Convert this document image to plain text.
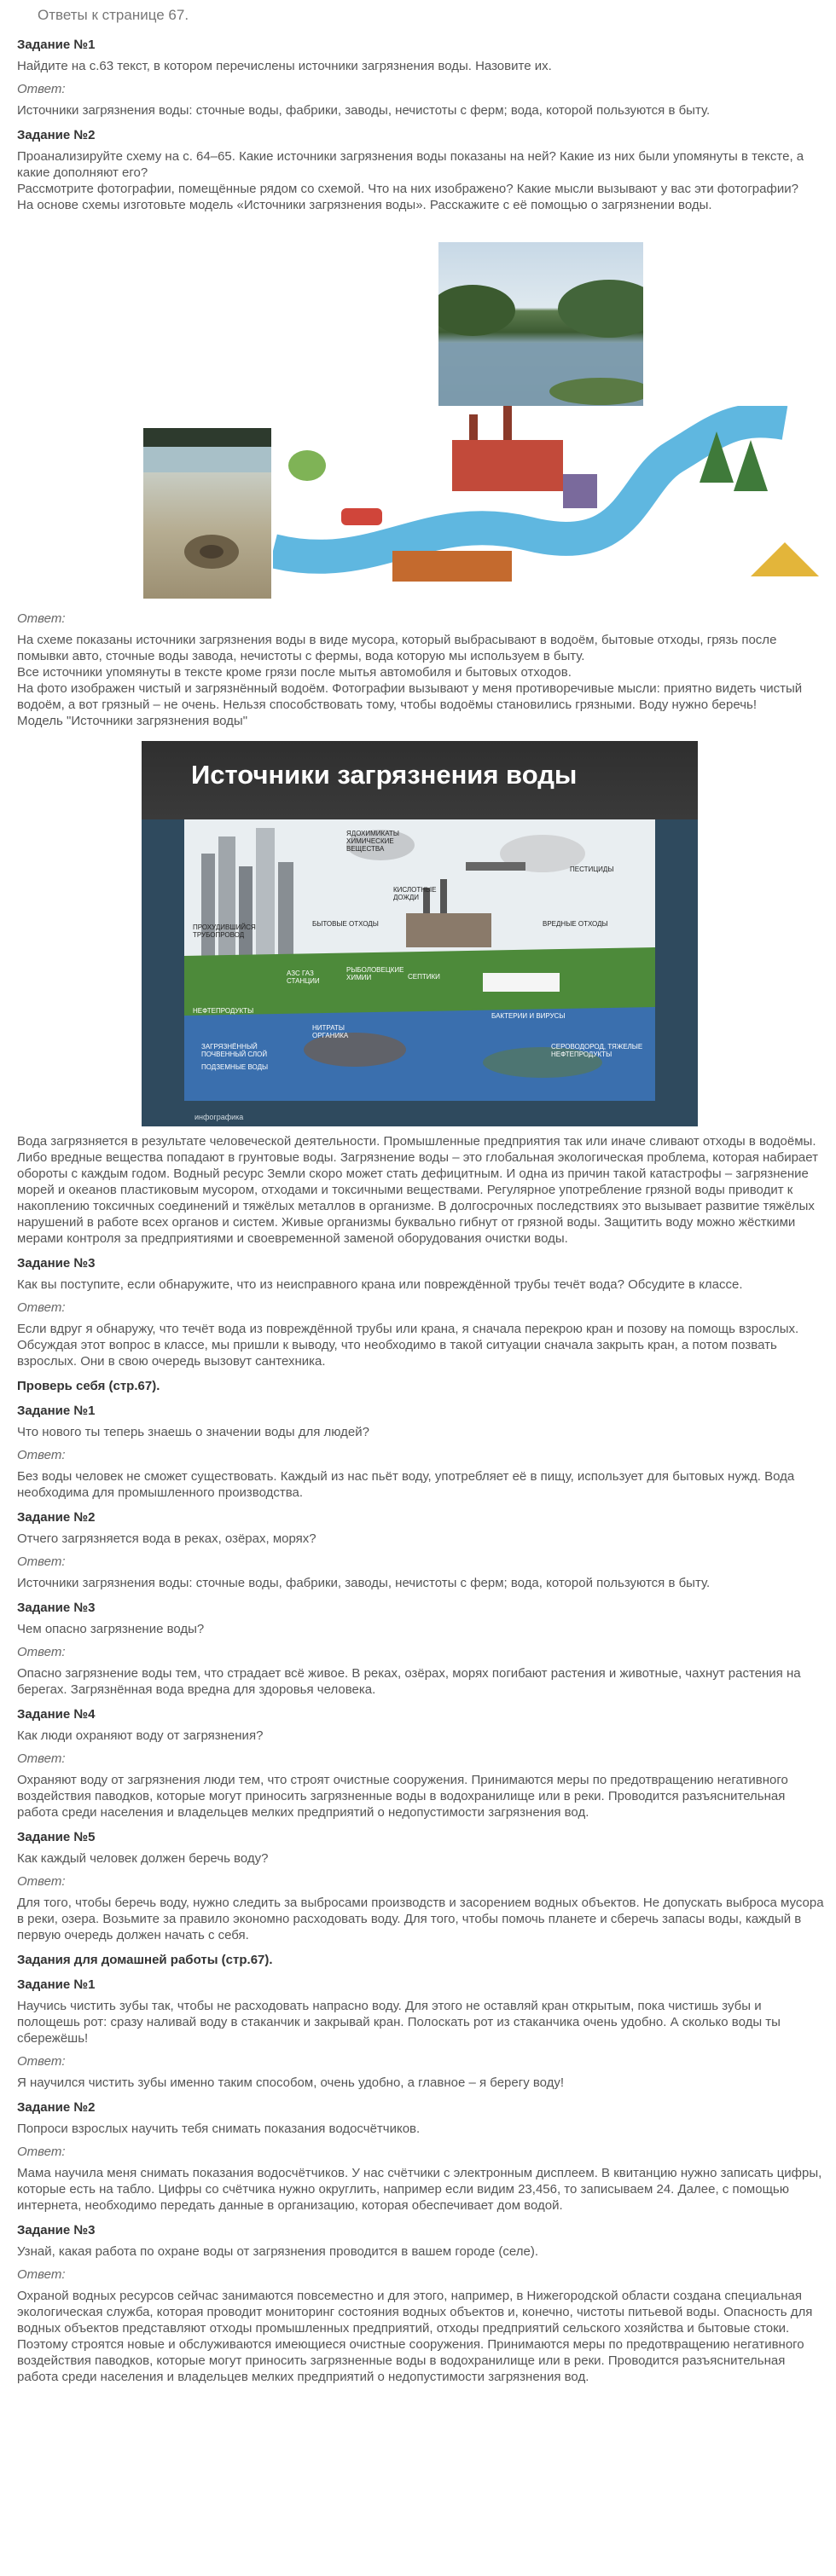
Ответы к странице 67.
Задание №1
Найдите на с.63 текст, в котором перечислены источники загрязнения воды. Назовите их.
Ответ:
Источники загрязнения воды: сточные воды, фабрики, заводы, нечистоты с ферм; вода, которой пользуются в быту.
Задание №2
Проанализируйте схему на с. 64–65. Какие источники загрязнения воды показаны на ней? Какие из них были упомянуты в тексте, а какие дополняют его?
Рассмотрите фотографии, помещённые рядом со схемой. Что на них изображено? Какие мысли вызывают у вас эти фотографии?
На основе схемы изготовьте модель «Источники загрязнения воды». Расскажите с её помощью о загрязнении воды.
Ответ:
На схеме показаны источники загрязнения воды в виде мусора, который выбрасывают в водоём, бытовые отходы, грязь после помывки авто, сточные воды завода, нечистоты с фермы, вода которую мы используем в быту.
Все источники упомянуты в тексте кроме грязи после мытья автомобиля и бытовых отходов.
На фото изображен чистый и загрязнённый водоём. Фотографии вызывают у меня противоречивые мысли: приятно видеть чистый водоём, а вот грязный – не очень. Нельзя способствовать тому, чтобы водоёмы становились грязными. Воду нужно беречь!
Модель "Источники загрязнения воды"
Источники загрязнения воды
ЯДОХИМИКАТЫ ХИМИЧЕСКИЕ ВЕЩЕСТВА
ПЕСТИЦИДЫ
КИСЛОТНЫЕ ДОЖДИ
БЫТОВЫЕ ОТХОДЫ	ВРЕДНЫЕ ОТХОДЫ
ПРОХУДИВШИЙСЯ ТРУБОПРОВОД
НЕФТЕПРОДУКТЫ
АЗС ГАЗ СТАНЦИИ
РЫБОЛОВЕЦКИЕ ХИМИИ	СЕПТИКИ
НИТРАТЫ ОРГАНИКА
БАКТЕРИИ И ВИРУСЫ
СЕРОВОДОРОД, ТЯЖЕЛЫЕ НЕФТЕПРОДУКТЫ
ЗАГРЯЗНЁННЫЙ ПОЧВЕННЫЙ СЛОЙ
ПОДЗЕМНЫЕ ВОДЫ
инфографика
Вода загрязняется в результате человеческой деятельности. Промышленные предприятия так или иначе сливают отходы в водоёмы. Либо вредные вещества попадают в грунтовые воды. Загрязнение воды – это глобальная экологическая проблема, которая набирает обороты с каждым годом. Водный ресурс Земли скоро может стать дефицитным. И одна из причин такой катастрофы – загрязнение морей и океанов пластиковым мусором, отходами и токсичными веществами. Регулярное употребление грязной воды приводит к накоплению токсичных соединений и тяжёлых металлов в организме. В долгосрочных последствиях это вызывает развитие тяжёлых нарушений в работе всех органов и систем. Живые организмы буквально гибнут от грязной воды. Защитить воду можно жёсткими мерами контроля за предприятиями и своевременной заменой оборудования очистки воды.
Задание №3
Как вы поступите, если обнаружите, что из неисправного крана или повреждённой трубы течёт вода? Обсудите в классе.
Ответ:
Если вдруг я обнаружу, что течёт вода из повреждённой трубы или крана, я сначала перекрою кран и позову на помощь взрослых.
Обсуждая этот вопрос в классе, мы пришли к выводу, что необходимо в такой ситуации сначала закрыть кран, а потом позвать взрослых. Они в свою очередь вызовут сантехника.
Проверь себя (стр.67).
Задание №1
Что нового ты теперь знаешь о значении воды для людей?
Ответ:
Без воды человек не сможет существовать. Каждый из нас пьёт воду, употребляет её в пищу, использует для бытовых нужд. Вода необходима для промышленного производства.
Задание №2
Отчего загрязняется вода в реках, озёрах, морях?
Ответ:
Источники загрязнения воды: сточные воды, фабрики, заводы, нечистоты с ферм; вода, которой пользуются в быту.
Задание №3
Чем опасно загрязнение воды?
Ответ:
Опасно загрязнение воды тем, что страдает всё живое. В реках, озёрах, морях погибают растения и животные, чахнут растения на берегах. Загрязнённая вода вредна для здоровья человека.
Задание №4
Как люди охраняют воду от загрязнения?
Ответ:
Охраняют воду от загрязнения люди тем, что строят очистные сооружения. Принимаются меры по предотвращению негативного воздействия паводков, которые могут приносить загрязненные воды в водохранилище или в реки. Проводится разъяснительная работа среди населения и владельцев мелких предприятий о недопустимости загрязнения вод.
Задание №5
Как каждый человек должен беречь воду?
Ответ:
Для того, чтобы беречь воду, нужно следить за выбросами производств и засорением водных объектов. Не допускать выброса мусора в реки, озера. Возьмите за правило экономно расходовать воду. Для того, чтобы помочь планете и сберечь запасы воды, каждый в первую очередь должен начать с себя.
Задания для домашней работы (стр.67).
Задание №1
Научись чистить зубы так, чтобы не расходовать напрасно воду. Для этого не оставляй кран открытым, пока чистишь зубы и полощешь рот: сразу наливай воду в стаканчик и закрывай кран. Полоскать рот из стаканчика очень удобно. А сколько воды ты сбережёшь!
Ответ:
Я научился чистить зубы именно таким способом, очень удобно, а главное – я берегу воду!
Задание №2
Попроси взрослых научить тебя снимать показания водосчётчиков.
Ответ:
Мама научила меня снимать показания водосчётчиков. У нас счётчики с электронным дисплеем. В квитанцию нужно записать цифры, которые есть на табло. Цифры со счётчика нужно округлить, например если видим 23,456, то записываем 24. Далее, с помощью интернета, необходимо передать данные в организацию, которая обеспечивает дом водой.
Задание №3
Узнай, какая работа по охране воды от загрязнения проводится в вашем городе (селе).
Ответ:
Охраной водных ресурсов сейчас занимаются повсеместно и для этого, например, в Нижегородской области создана специальная экологическая служба, которая проводит мониторинг состояния водных объектов и, конечно, чистоты питьевой воды. Опасность для водных объектов представляют отходы промышленных предприятий, отходы предприятий сельского хозяйства и бытовые стоки. Поэтому строятся новые и обслуживаются имеющиеся очистные сооружения. Принимаются меры по предотвращению негативного воздействия паводков, которые могут приносить загрязненные воды в водохранилище или в реки. Проводится разъяснительная работа среди населения и владельцев мелких предприятий о недопустимости загрязнения вод.
